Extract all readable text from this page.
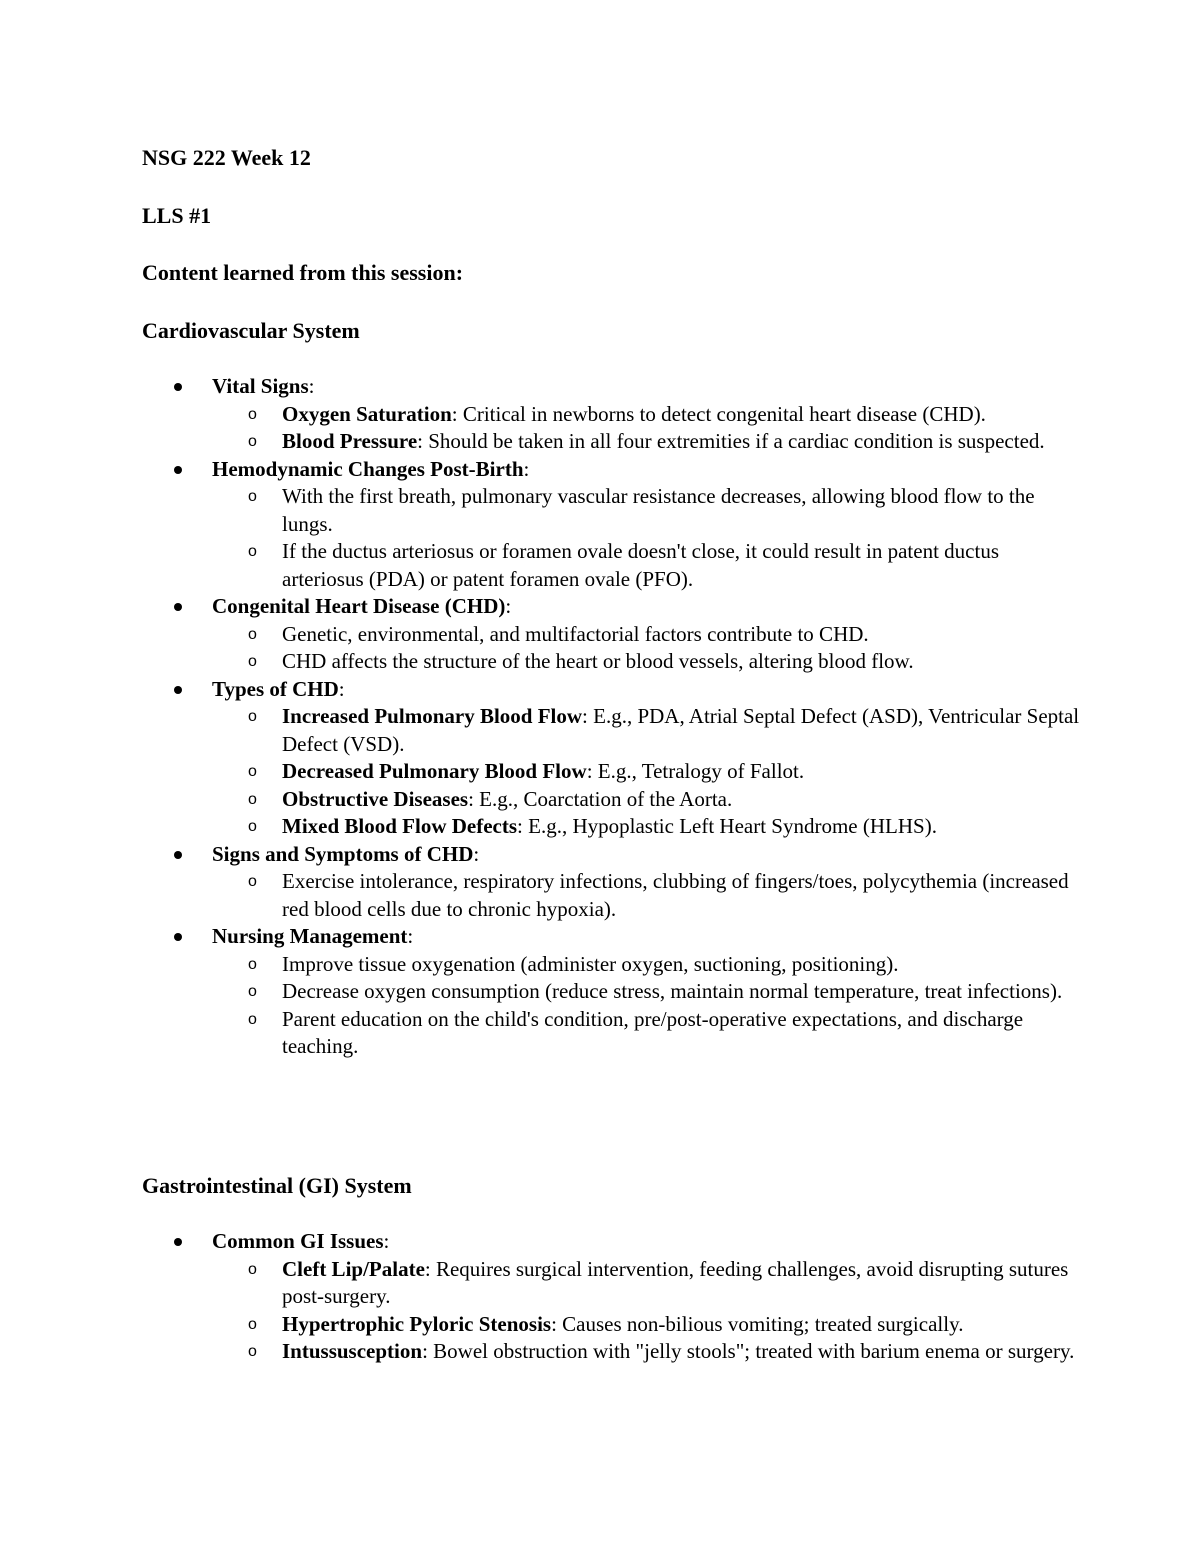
NSG 222 Week 12
LLS #1
Content learned from this session:
Cardiovascular System
Vital Signs:
o Oxygen Saturation: Critical in newborns to detect congenital heart disease (CHD).
o Blood Pressure: Should be taken in all four extremities if a cardiac condition is suspected.
Hemodynamic Changes Post-Birth:
o With the first breath, pulmonary vascular resistance decreases, allowing blood flow to the lungs.
o If the ductus arteriosus or foramen ovale doesn't close, it could result in patent ductus arteriosus (PDA) or patent foramen ovale (PFO).
Congenital Heart Disease (CHD):
o Genetic, environmental, and multifactorial factors contribute to CHD.
o CHD affects the structure of the heart or blood vessels, altering blood flow.
Types of CHD:
o Increased Pulmonary Blood Flow: E.g., PDA, Atrial Septal Defect (ASD), Ventricular Septal Defect (VSD).
o Decreased Pulmonary Blood Flow: E.g., Tetralogy of Fallot.
o Obstructive Diseases: E.g., Coarctation of the Aorta.
o Mixed Blood Flow Defects: E.g., Hypoplastic Left Heart Syndrome (HLHS).
Signs and Symptoms of CHD:
o Exercise intolerance, respiratory infections, clubbing of fingers/toes, polycythemia (increased red blood cells due to chronic hypoxia).
Nursing Management:
o Improve tissue oxygenation (administer oxygen, suctioning, positioning).
o Decrease oxygen consumption (reduce stress, maintain normal temperature, treat infections).
o Parent education on the child's condition, pre/post-operative expectations, and discharge teaching.
Gastrointestinal (GI) System
Common GI Issues:
o Cleft Lip/Palate: Requires surgical intervention, feeding challenges, avoid disrupting sutures post-surgery.
o Hypertrophic Pyloric Stenosis: Causes non-bilious vomiting; treated surgically.
o Intussusception: Bowel obstruction with "jelly stools"; treated with barium enema or surgery.
